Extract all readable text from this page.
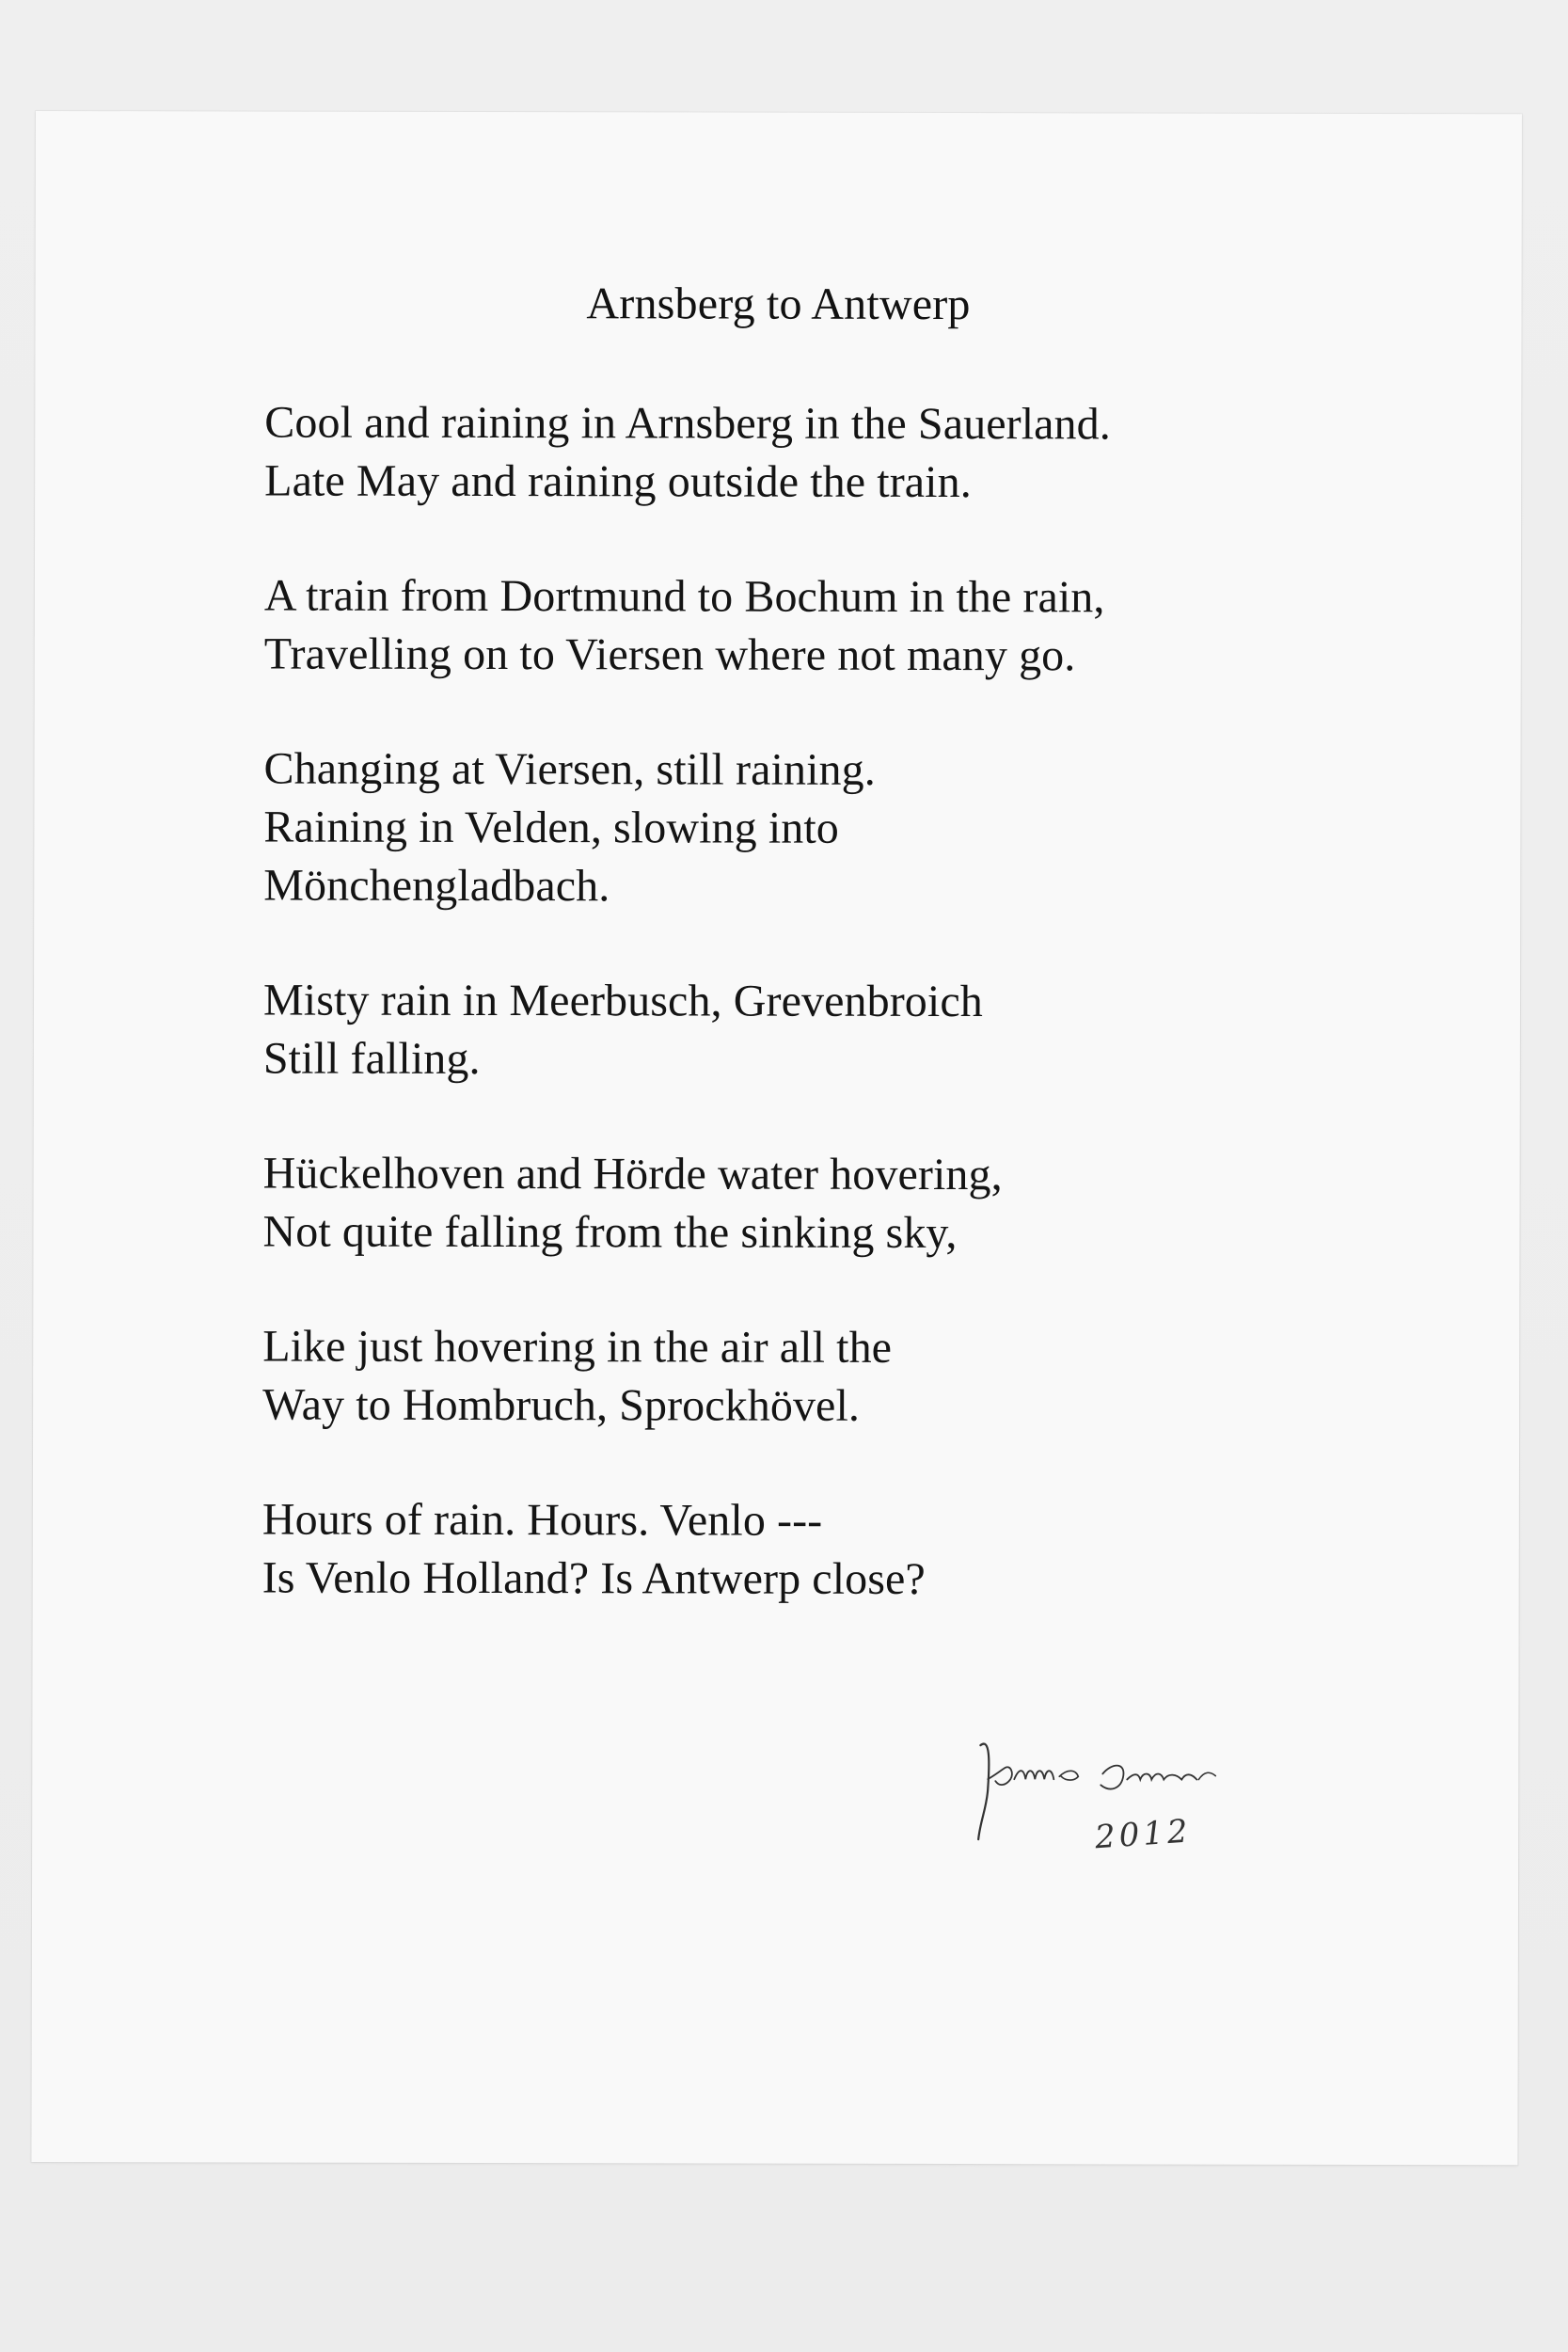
Arnsberg to Antwerp
Cool and raining in Arnsberg in the Sauerland.
Late May and raining outside the train.
A train from Dortmund to Bochum in the rain,
Travelling on to Viersen where not many go.
Changing at Viersen, still raining.
Raining in Velden, slowing into
Mönchengladbach.
Misty rain in Meerbusch, Grevenbroich
Still falling.
Hückelhoven and Hörde water hovering,
Not quite falling from the sinking sky,
Like just hovering in the air all the
Way to Hombruch, Sprockhövel.
Hours of rain. Hours. Venlo ---
Is Venlo Holland? Is Antwerp close?
2012
